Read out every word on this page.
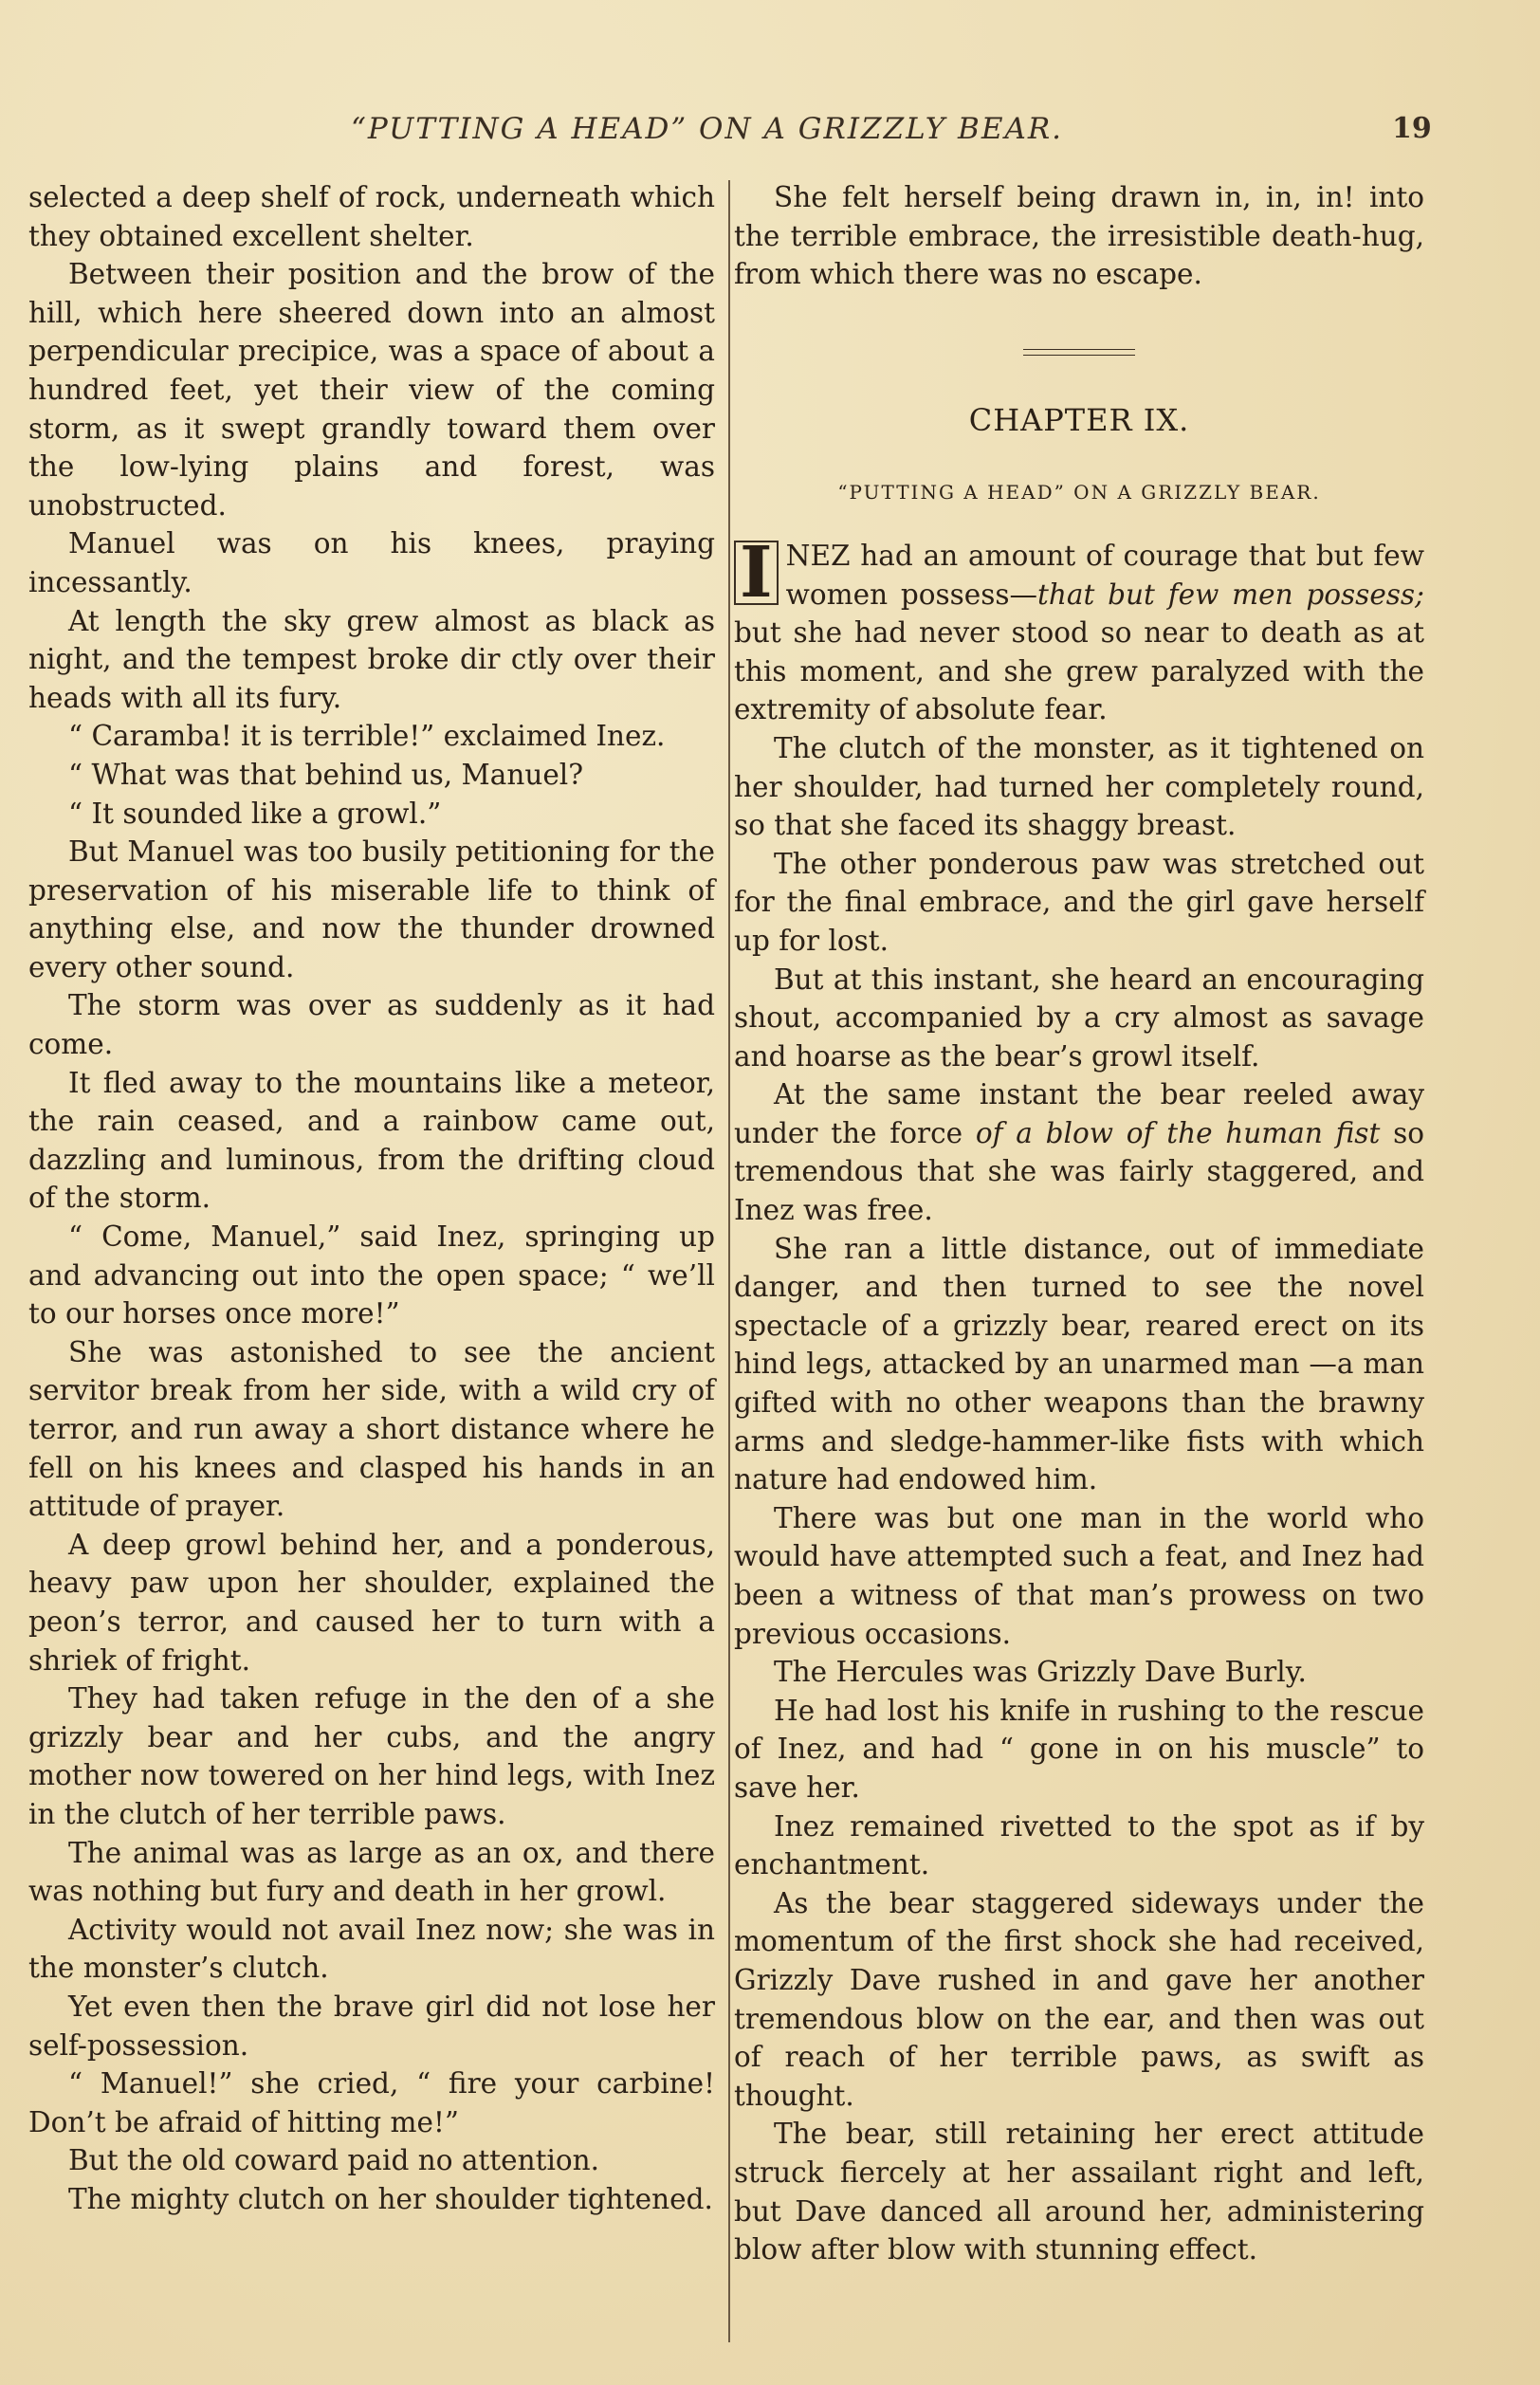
“PUTTING A HEAD” ON A GRIZZLY BEAR.	19

selected a deep shelf of rock, underneath which they obtained excellent shelter.

Between their position and the brow of the hill, which here sheered down into an almost perpendicular precipice, was a space of about a hundred feet, yet their view of the coming storm, as it swept grandly toward them over the low-lying plains and forest, was unobstructed.

Manuel was on his knees, praying incessantly.

At length the sky grew almost as black as night, and the tempest broke dir ctly over their heads with all its fury.

“ Caramba! it is terrible!” exclaimed Inez.

“ What was that behind us, Manuel?

“ It sounded like a growl.”

But Manuel was too busily petitioning for the preservation of his miserable life to think of anything else, and now the thunder drowned every other sound.

The storm was over as suddenly as it had come.

It fled away to the mountains like a meteor, the rain ceased, and a rainbow came out, dazzling and luminous, from the drifting cloud of the storm.

“ Come, Manuel,” said Inez, springing up and advancing out into the open space; “ we’ll to our horses once more!”

She was astonished to see the ancient servitor break from her side, with a wild cry of terror, and run away a short distance where he fell on his knees and clasped his hands in an attitude of prayer.

A deep growl behind her, and a ponderous, heavy paw upon her shoulder, explained the peon’s terror, and caused her to turn with a shriek of fright.

They had taken refuge in the den of a she grizzly bear and her cubs, and the angry mother now towered on her hind legs, with Inez in the clutch of her terrible paws.

The animal was as large as an ox, and there was nothing but fury and death in her growl.

Activity would not avail Inez now; she was in the monster’s clutch.

Yet even then the brave girl did not lose her self-possession.

“ Manuel!” she cried, “ fire your carbine! Don’t be afraid of hitting me!”

But the old coward paid no attention.

The mighty clutch on her shoulder tightened.

She felt herself being drawn in, in, in! into the terrible embrace, the irresistible death-hug, from which there was no escape.

CHAPTER IX.
“PUTTING A HEAD” ON A GRIZZLY BEAR.

I NEZ had an amount of courage that but few women possess—that but few men possess; but she had never stood so near to death as at this moment, and she grew paralyzed with the extremity of absolute fear.

The clutch of the monster, as it tightened on her shoulder, had turned her completely round, so that she faced its shaggy breast.

The other ponderous paw was stretched out for the final embrace, and the girl gave herself up for lost.

But at this instant, she heard an encouraging shout, accompanied by a cry almost as savage and hoarse as the bear’s growl itself.

At the same instant the bear reeled away under the force of a blow of the human fist so tremendous that she was fairly staggered, and Inez was free.

She ran a little distance, out of immediate danger, and then turned to see the novel spectacle of a grizzly bear, reared erect on its hind legs, attacked by an unarmed man —a man gifted with no other weapons than the brawny arms and sledge-hammer-like fists with which nature had endowed him.

There was but one man in the world who would have attempted such a feat, and Inez had been a witness of that man’s prowess on two previous occasions.

The Hercules was Grizzly Dave Burly.

He had lost his knife in rushing to the rescue of Inez, and had “ gone in on his muscle” to save her.

Inez remained rivetted to the spot as if by enchantment.

As the bear staggered sideways under the momentum of the first shock she had received, Grizzly Dave rushed in and gave her another tremendous blow on the ear, and then was out of reach of her terrible paws, as swift as thought.

The bear, still retaining her erect attitude struck fiercely at her assailant right and left, but Dave danced all around her, administering blow after blow with stunning effect.
